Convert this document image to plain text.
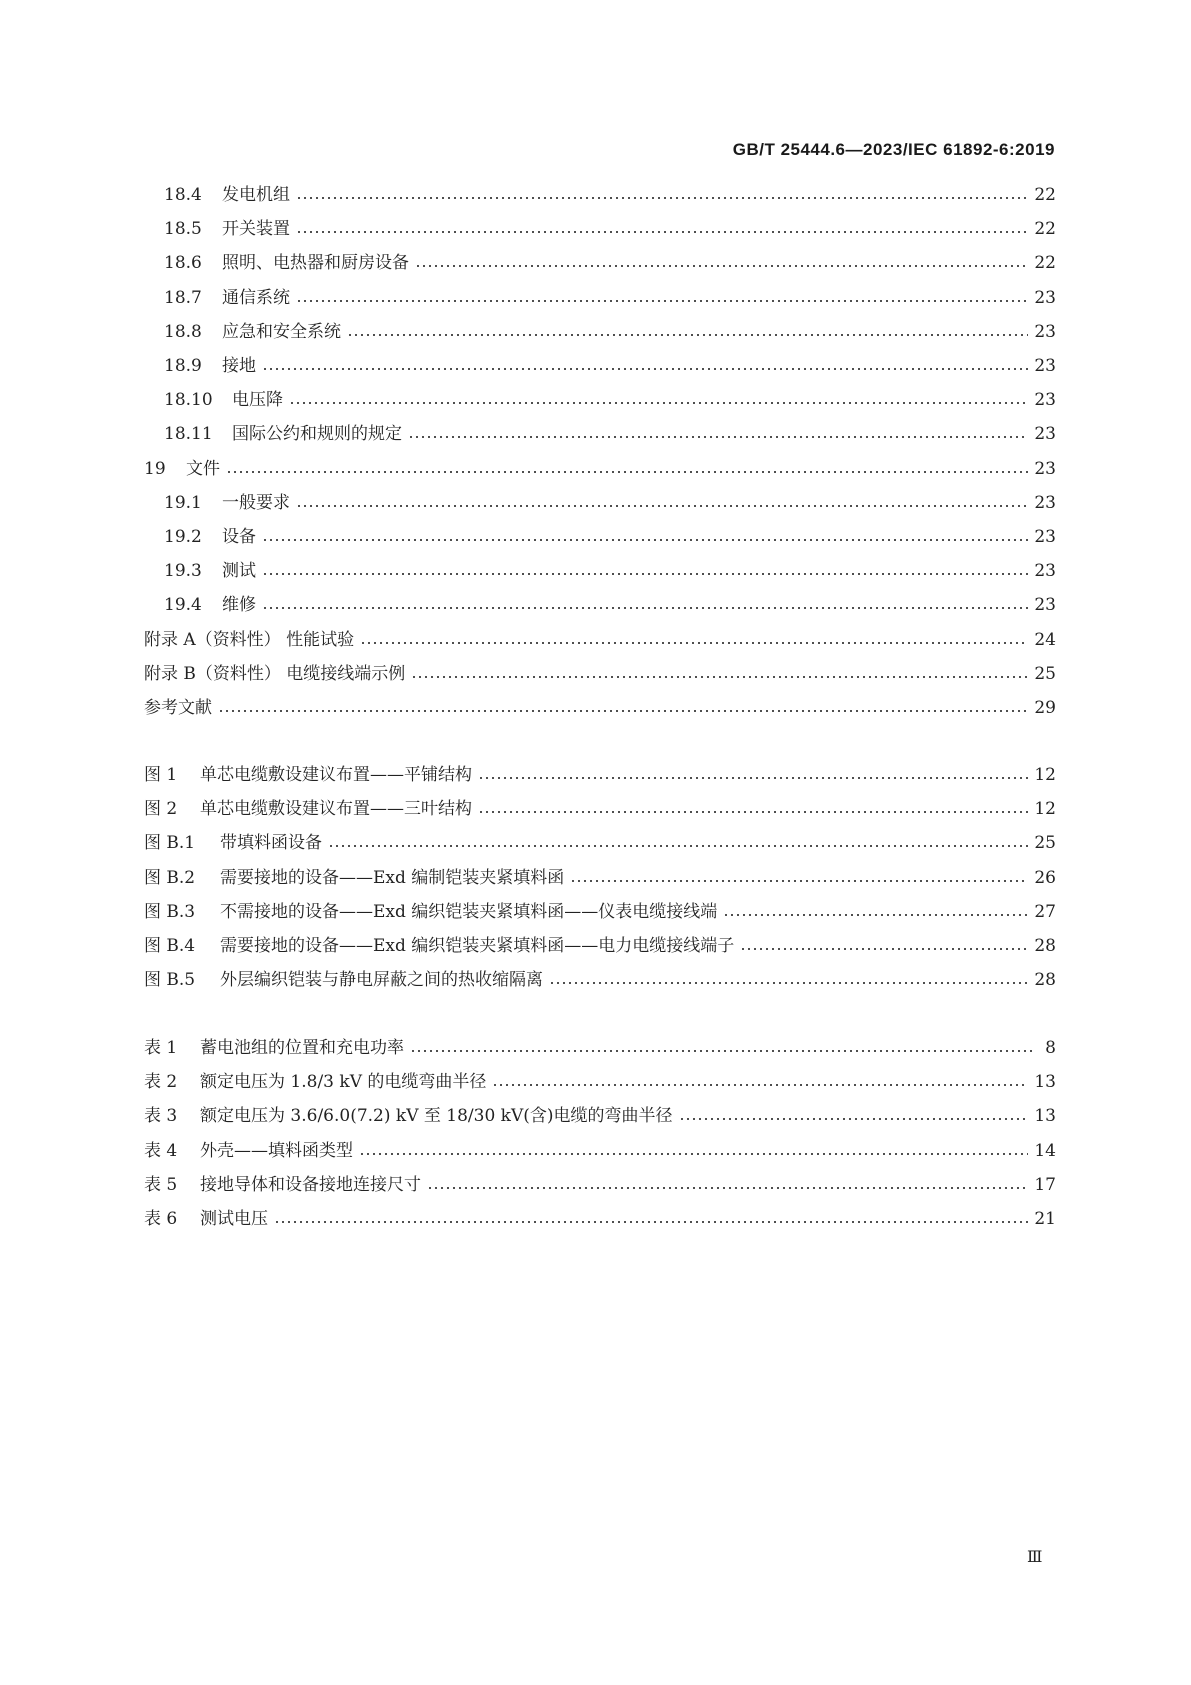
GB/T 25444.6—2023/IEC 61892-6:2019
18.4	发电机组	22
18.5	开关装置	22
18.6	照明、电热器和厨房设备	22
18.7	通信系统	23
18.8	应急和安全系统	23
18.9	接地	23
18.10	电压降	23
18.11	国际公约和规则的规定	23
19	文件	23
19.1	一般要求	23
19.2	设备	23
19.3	测试	23
19.4	维修	23
附录 A（资料性） 性能试验	24
附录 B（资料性） 电缆接线端示例	25
参考文献	29
图 1	单芯电缆敷设建议布置——平铺结构	12
图 2	单芯电缆敷设建议布置——三叶结构	12
图 B.1	带填料函设备	25
图 B.2	需要接地的设备——Exd 编制铠装夹紧填料函	26
图 B.3	不需接地的设备——Exd 编织铠装夹紧填料函——仪表电缆接线端	27
图 B.4	需要接地的设备——Exd 编织铠装夹紧填料函——电力电缆接线端子	28
图 B.5	外层编织铠装与静电屏蔽之间的热收缩隔离	28
表 1	蓄电池组的位置和充电功率	8
表 2	额定电压为 1.8/3 kV 的电缆弯曲半径	13
表 3	额定电压为 3.6/6.0(7.2) kV 至 18/30 kV(含)电缆的弯曲半径	13
表 4	外壳——填料函类型	14
表 5	接地导体和设备接地连接尺寸	17
表 6	测试电压	21
Ⅲ
